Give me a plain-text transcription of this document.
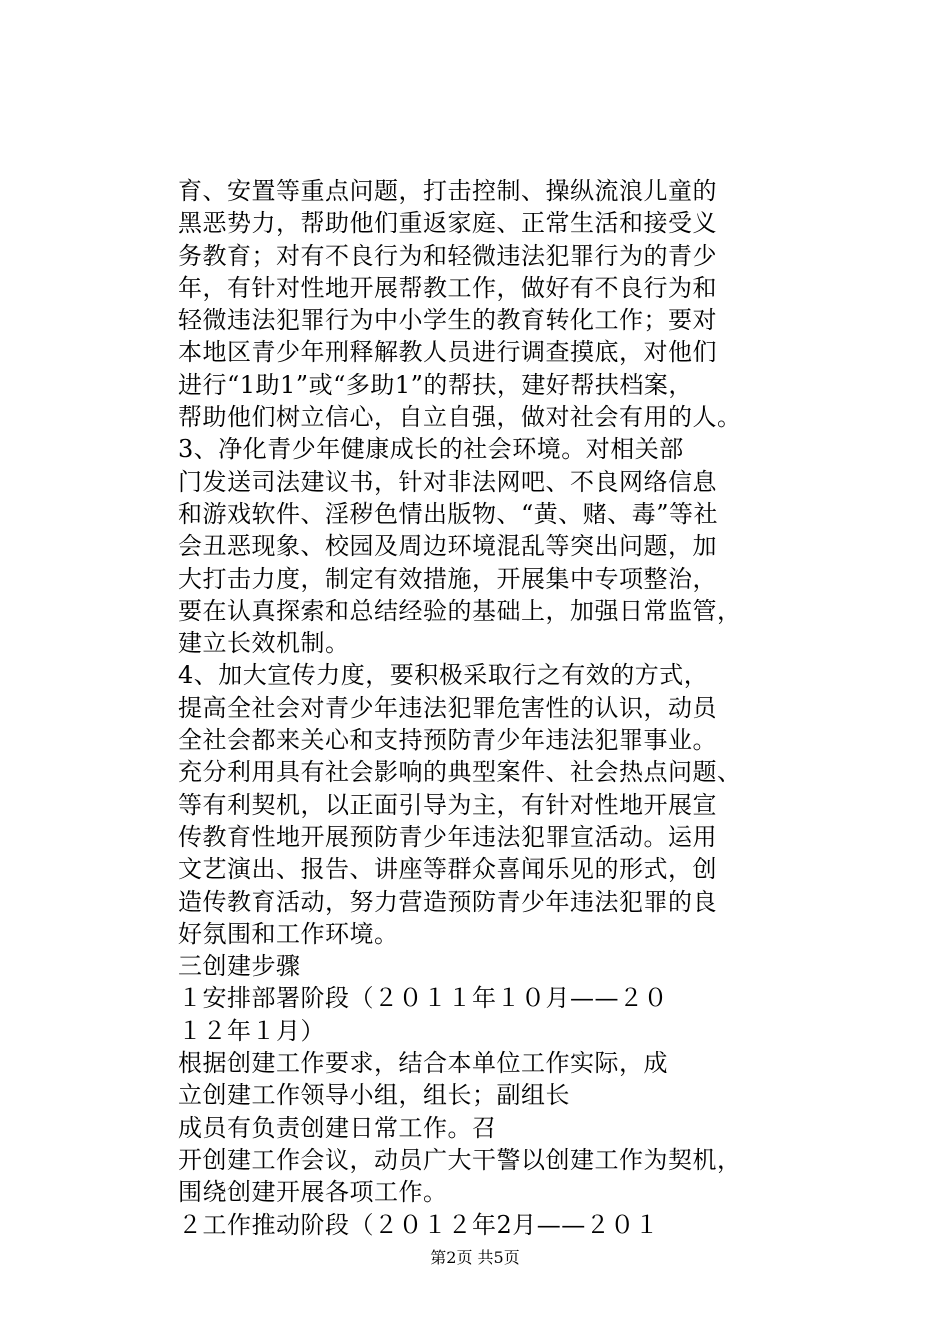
育、安置等重点问题，打击控制、操纵流浪儿童的
黑恶势力，帮助他们重返家庭、正常生活和接受义
务教育；对有不良行为和轻微违法犯罪行为的青少
年，有针对性地开展帮教工作，做好有不良行为和
轻微违法犯罪行为中小学生的教育转化工作；要对
本地区青少年刑释解教人员进行调查摸底，对他们
进行“1助1”或“多助1”的帮扶，建好帮扶档案，
帮助他们树立信心，自立自强，做对社会有用的人。
3、净化青少年健康成长的社会环境。对相关部
门发送司法建议书，针对非法网吧、不良网络信息
和游戏软件、淫秽色情出版物、“黄、赌、毒”等社
会丑恶现象、校园及周边环境混乱等突出问题，加
大打击力度，制定有效措施，开展集中专项整治，
要在认真探索和总结经验的基础上，加强日常监管，
建立长效机制。
4、加大宣传力度，要积极采取行之有效的方式，
提高全社会对青少年违法犯罪危害性的认识，动员
全社会都来关心和支持预防青少年违法犯罪事业。
充分利用具有社会影响的典型案件、社会热点问题、
等有利契机，以正面引导为主，有针对性地开展宣
传教育性地开展预防青少年违法犯罪宣活动。运用
文艺演出、报告、讲座等群众喜闻乐见的形式，创
造传教育活动，努力营造预防青少年违法犯罪的良
好氛围和工作环境。
三创建步骤
１安排部署阶段（２０１１年１０月——２０
１２年１月）
根据创建工作要求，结合本单位工作实际，成
立创建工作领导小组，组长；副组长
成员有负责创建日常工作。召
开创建工作会议，动员广大干警以创建工作为契机，
围绕创建开展各项工作。
２工作推动阶段（２０１２年2月——２０１
第2页 共5页
